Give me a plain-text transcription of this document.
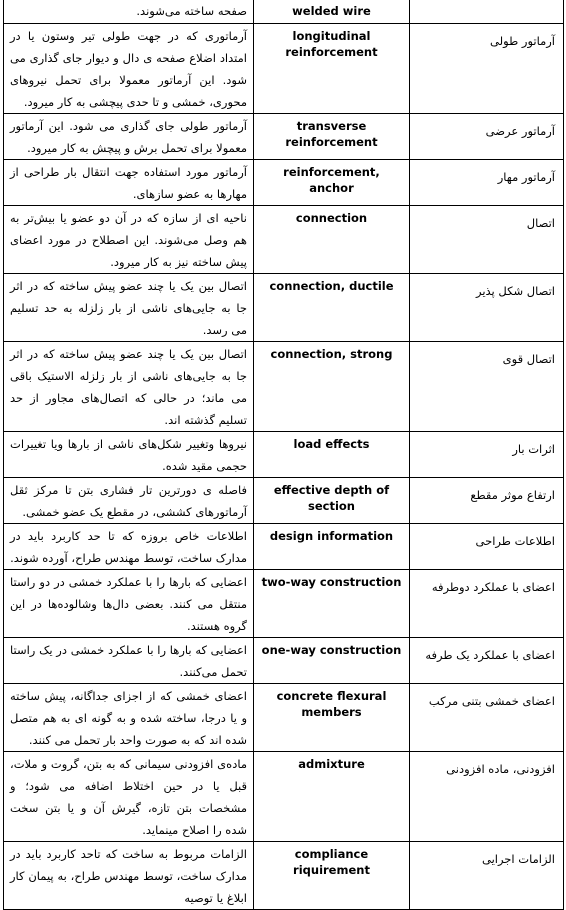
صفحه ساخته می‌شوند.	welded wire	
آرماتوری که در جهت طولی تیر وستون یا در امتداد اضلاع صفحه ی دال و دیوار جای گذاری می شود. این آرماتور معمولا برای تحمل نیروهای محوری، خمشی و تا حدی پیچشی به کار میرود.	longitudinal reinforcement	آرماتور طولی
آرماتور طولی جای گذاری می شود. این آرماتور معمولا برای تحمل برش و پیچش به کار میرود.	transverse reinforcement	آرماتور عرضی
آرماتور مورد استفاده جهت انتقال بار طراحی از مهارها به عضو سازهای.	reinforcement, anchor	آرماتور مهار
ناحیه ای از سازه که در آن دو عضو یا بیش‌تر به هم وصل می‌شوند. این اصطلاح در مورد اعضای پیش ساخته نیز به کار میرود.	connection	اتصال
اتصال بین یک یا چند عضو پیش ساخته که در اثر جا به جایی‌های ناشی از بار زلزله به حد تسلیم می رسد.	connection, ductile	اتصال شکل پذیر
اتصال بین یک یا چند عضو پیش ساخته که در اثر جا به جایی‌های ناشی از بار زلزله الاستیک باقی می ماند؛ در حالی که اتصال‌های مجاور از حد تسلیم گذشته اند.	connection, strong	اتصال قوی
نیروها وتغییر شکل‌های ناشی از بارها ویا تغییرات حجمی مقید شده.	load effects	اثرات بار
فاصله ی دورترین تار فشاری بتن تا مرکز ثقل آرماتورهای کششی، در مقطع یک عضو خمشی.	effective depth of section	ارتفاع موثر مقطع
اطلاعات خاص بروزه که تا حد کاربرد باید در مدارک ساخت، توسط مهندس طراح، آورده شوند.	design information	اطلاعات طراحی
اعضایی که بارها را با عملکرد خمشی در دو راستا منتقل می کنند. بعضی دال‌ها وشالوده‌ها در این گروه هستند.	two-way construction	اعضای با عملکرد دوطرفه
اعضایی که بارها را با عملکرد خمشی در یک راستا تحمل می‌کنند.	one-way construction	اعضای با عملکرد یک طرفه
اعضای خمشی که از اجزای جداگانه، پیش ساخته و یا درجا، ساخته شده و به گونه ای به هم متصل شده اند که به صورت واحد بار تحمل می کنند.	concrete flexural members	اعضای خمشی بتنی مرکب
ماده‌ی افزودنی سیمانی که به بتن، گروت و ملات، قبل یا در حین اختلاط اضافه می شود؛ و مشخصات بتن تازه، گیرش آن و یا بتن سخت شده را اصلاح مینماید.	admixture	افزودنی، ماده افزودنی
الزامات مربوط به ساخت که تاحد کاربرد باید در مدارک ساخت، توسط مهندس طراح، به پیمان کار ابلاغ یا توصیه	compliance riquirement	الزامات اجرایی
